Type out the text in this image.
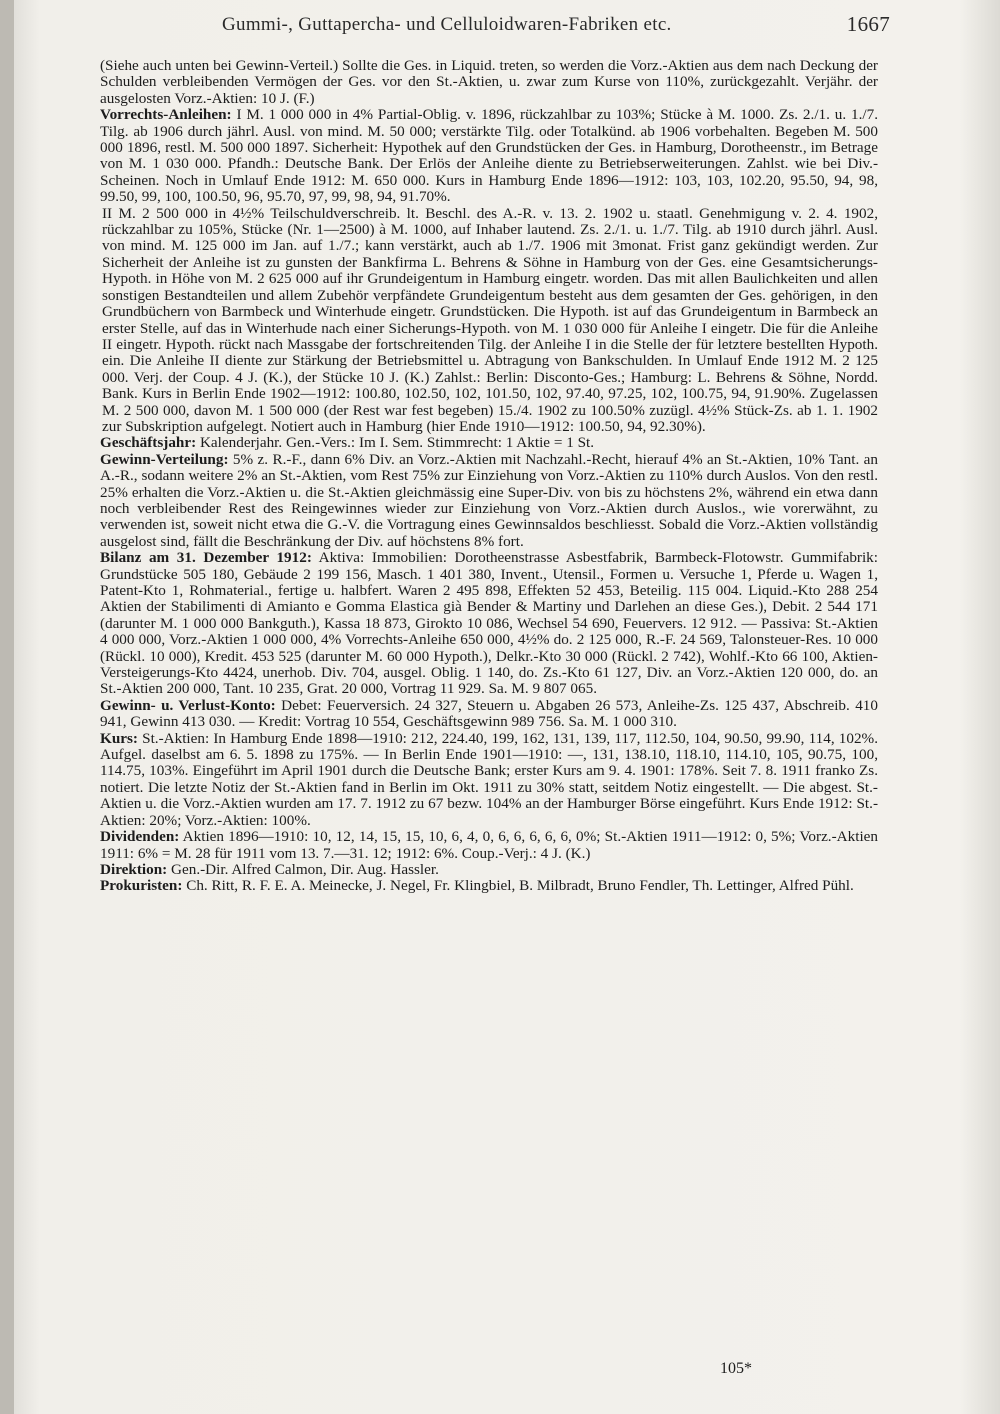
Gummi-, Guttapercha- und Celluloidwaren-Fabriken etc.	1667

(Siehe auch unten bei Gewinn-Verteil.) Sollte die Ges. in Liquid. treten, so werden die Vorz.-Aktien aus dem nach Deckung der Schulden verbleibenden Vermögen der Ges. vor den St.-Aktien, u. zwar zum Kurse von 110%, zurückgezahlt. Verjähr. der ausgelosten Vorz.-Aktien: 10 J. (F.)

Vorrechts-Anleihen: I M. 1 000 000 in 4% Partial-Oblig. v. 1896, rückzahlbar zu 103%; Stücke à M. 1000. Zs. 2./1. u. 1./7. Tilg. ab 1906 durch jährl. Ausl. von mind. M. 50 000; verstärkte Tilg. oder Totalkünd. ab 1906 vorbehalten. Begeben M. 500 000 1896, restl. M. 500 000 1897. Sicherheit: Hypothek auf den Grundstücken der Ges. in Hamburg, Dorotheenstr., im Betrage von M. 1 030 000. Pfandh.: Deutsche Bank. Der Erlös der Anleihe diente zu Betriebserweiterungen. Zahlst. wie bei Div.-Scheinen. Noch in Umlauf Ende 1912: M. 650 000. Kurs in Hamburg Ende 1896—1912: 103, 103, 102.20, 95.50, 94, 98, 99.50, 99, 100, 100.50, 96, 95.70, 97, 99, 98, 94, 91.70%.

II M. 2 500 000 in 4½% Teilschuldverschreib. lt. Beschl. des A.-R. v. 13. 2. 1902 u. staatl. Genehmigung v. 2. 4. 1902, rückzahlbar zu 105%, Stücke (Nr. 1—2500) à M. 1000, auf Inhaber lautend. Zs. 2./1. u. 1./7. Tilg. ab 1910 durch jährl. Ausl. von mind. M. 125 000 im Jan. auf 1./7.; kann verstärkt, auch ab 1./7. 1906 mit 3monat. Frist ganz gekündigt werden. Zur Sicherheit der Anleihe ist zu gunsten der Bankfirma L. Behrens & Söhne in Hamburg von der Ges. eine Gesamtsicherungs-Hypoth. in Höhe von M. 2 625 000 auf ihr Grundeigentum in Hamburg eingetr. worden. Das mit allen Baulichkeiten und allen sonstigen Bestandteilen und allem Zubehör verpfändete Grundeigentum besteht aus dem gesamten der Ges. gehörigen, in den Grundbüchern von Barmbeck und Winterhude eingetr. Grundstücken. Die Hypoth. ist auf das Grundeigentum in Barmbeck an erster Stelle, auf das in Winterhude nach einer Sicherungs-Hypoth. von M. 1 030 000 für Anleihe I eingetr. Die für die Anleihe II eingetr. Hypoth. rückt nach Massgabe der fortschreitenden Tilg. der Anleihe I in die Stelle der für letztere bestellten Hypoth. ein. Die Anleihe II diente zur Stärkung der Betriebsmittel u. Abtragung von Bankschulden. In Umlauf Ende 1912 M. 2 125 000. Verj. der Coup. 4 J. (K.), der Stücke 10 J. (K.) Zahlst.: Berlin: Disconto-Ges.; Hamburg: L. Behrens & Söhne, Nordd. Bank. Kurs in Berlin Ende 1902—1912: 100.80, 102.50, 102, 101.50, 102, 97.40, 97.25, 102, 100.75, 94, 91.90%. Zugelassen M. 2 500 000, davon M. 1 500 000 (der Rest war fest begeben) 15./4. 1902 zu 100.50% zuzügl. 4½% Stück-Zs. ab 1. 1. 1902 zur Subskription aufgelegt. Notiert auch in Hamburg (hier Ende 1910—1912: 100.50, 94, 92.30%).

Geschäftsjahr: Kalenderjahr. Gen.-Vers.: Im I. Sem. Stimmrecht: 1 Aktie = 1 St.

Gewinn-Verteilung: 5% z. R.-F., dann 6% Div. an Vorz.-Aktien mit Nachzahl.-Recht, hierauf 4% an St.-Aktien, 10% Tant. an A.-R., sodann weitere 2% an St.-Aktien, vom Rest 75% zur Einziehung von Vorz.-Aktien zu 110% durch Auslos. Von den restl. 25% erhalten die Vorz.-Aktien u. die St.-Aktien gleichmässig eine Super-Div. von bis zu höchstens 2%, während ein etwa dann noch verbleibender Rest des Reingewinnes wieder zur Einziehung von Vorz.-Aktien durch Auslos., wie vorerwähnt, zu verwenden ist, soweit nicht etwa die G.-V. die Vortragung eines Gewinnsaldos beschliesst. Sobald die Vorz.-Aktien vollständig ausgelost sind, fällt die Beschränkung der Div. auf höchstens 8% fort.

Bilanz am 31. Dezember 1912: Aktiva: Immobilien: Dorotheenstrasse Asbestfabrik, Barmbeck-Flotowstr. Gummifabrik: Grundstücke 505 180, Gebäude 2 199 156, Masch. 1 401 380, Invent., Utensil., Formen u. Versuche 1, Pferde u. Wagen 1, Patent-Kto 1, Rohmaterial., fertige u. halbfert. Waren 2 495 898, Effekten 52 453, Beteilig. 115 004. Liquid.-Kto 288 254 Aktien der Stabilimenti di Amianto e Gomma Elastica già Bender & Martiny und Darlehen an diese Ges.), Debit. 2 544 171 (darunter M. 1 000 000 Bankguth.), Kassa 18 873, Girokto 10 086, Wechsel 54 690, Feuervers. 12 912. — Passiva: St.-Aktien 4 000 000, Vorz.-Aktien 1 000 000, 4% Vorrechts-Anleihe 650 000, 4½% do. 2 125 000, R.-F. 24 569, Talonsteuer-Res. 10 000 (Rückl. 10 000), Kredit. 453 525 (darunter M. 60 000 Hypoth.), Delkr.-Kto 30 000 (Rückl. 2 742), Wohlf.-Kto 66 100, Aktien-Versteigerungs-Kto 4424, unerhob. Div. 704, ausgel. Oblig. 1 140, do. Zs.-Kto 61 127, Div. an Vorz.-Aktien 120 000, do. an St.-Aktien 200 000, Tant. 10 235, Grat. 20 000, Vortrag 11 929. Sa. M. 9 807 065.

Gewinn- u. Verlust-Konto: Debet: Feuerversich. 24 327, Steuern u. Abgaben 26 573, Anleihe-Zs. 125 437, Abschreib. 410 941, Gewinn 413 030. — Kredit: Vortrag 10 554, Geschäftsgewinn 989 756. Sa. M. 1 000 310.

Kurs: St.-Aktien: In Hamburg Ende 1898—1910: 212, 224.40, 199, 162, 131, 139, 117, 112.50, 104, 90.50, 99.90, 114, 102%. Aufgel. daselbst am 6. 5. 1898 zu 175%. — In Berlin Ende 1901—1910: —, 131, 138.10, 118.10, 114.10, 105, 90.75, 100, 114.75, 103%. Eingeführt im April 1901 durch die Deutsche Bank; erster Kurs am 9. 4. 1901: 178%. Seit 7. 8. 1911 franko Zs. notiert. Die letzte Notiz der St.-Aktien fand in Berlin im Okt. 1911 zu 30% statt, seitdem Notiz eingestellt. — Die abgest. St.-Aktien u. die Vorz.-Aktien wurden am 17. 7. 1912 zu 67 bezw. 104% an der Hamburger Börse eingeführt. Kurs Ende 1912: St.-Aktien: 20%; Vorz.-Aktien: 100%.

Dividenden: Aktien 1896—1910: 10, 12, 14, 15, 15, 10, 6, 4, 0, 6, 6, 6, 6, 6, 0%; St.-Aktien 1911—1912: 0, 5%; Vorz.-Aktien 1911: 6% = M. 28 für 1911 vom 13. 7.—31. 12; 1912: 6%. Coup.-Verj.: 4 J. (K.)

Direktion: Gen.-Dir. Alfred Calmon, Dir. Aug. Hassler.

Prokuristen: Ch. Ritt, R. F. E. A. Meinecke, J. Negel, Fr. Klingbiel, B. Milbradt, Bruno Fendler, Th. Lettinger, Alfred Pühl.

105*
